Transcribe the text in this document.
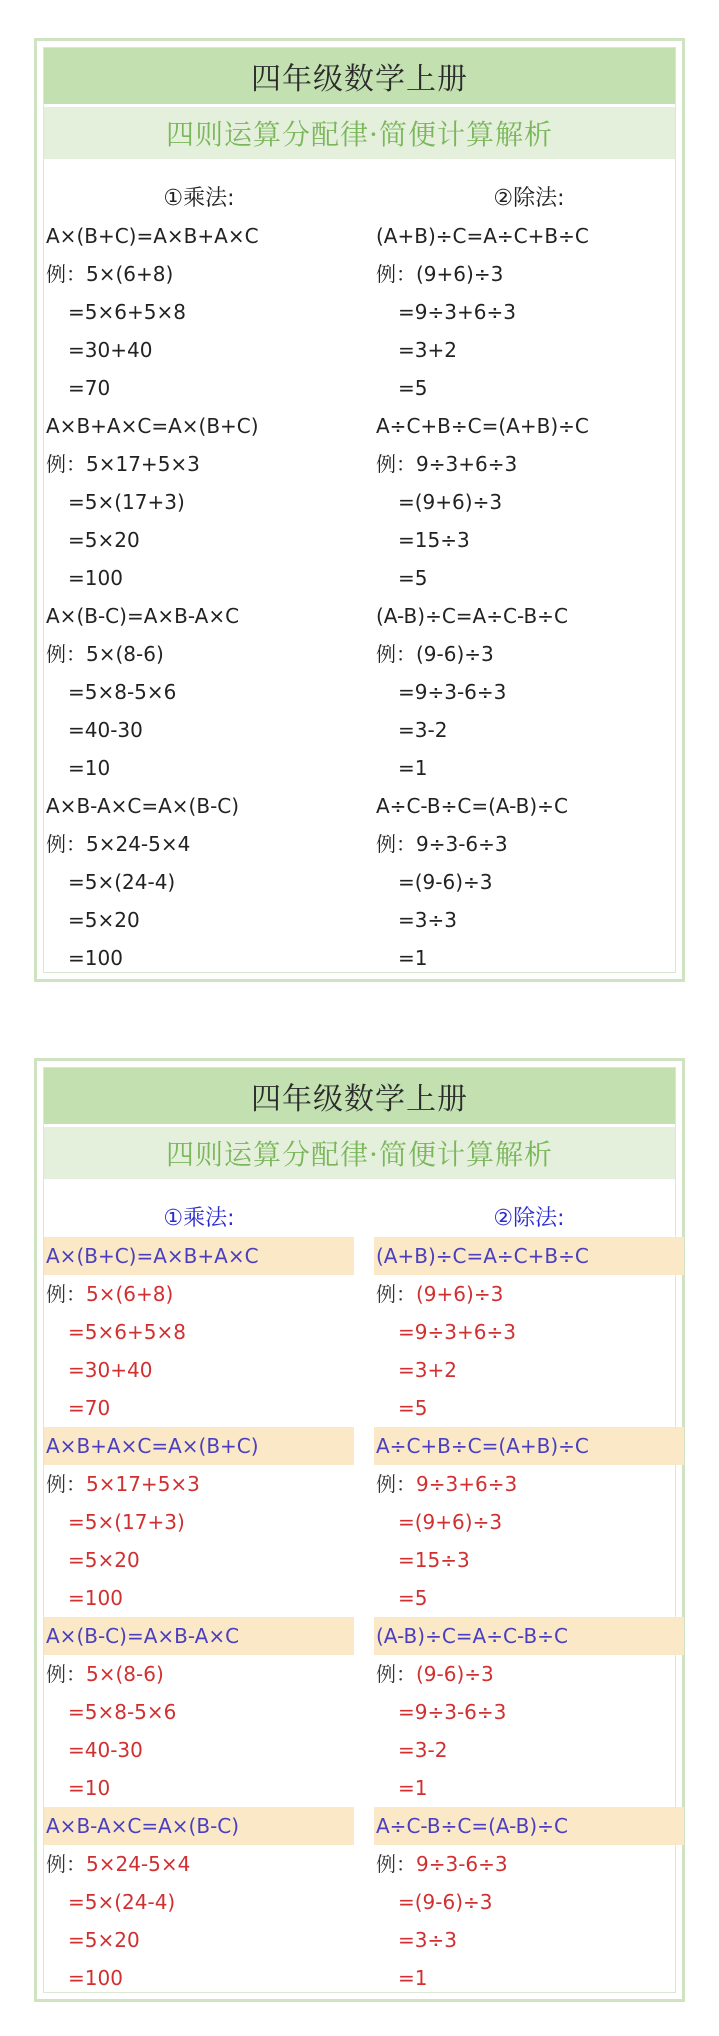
四年级数学上册
四则运算分配律·简便计算解析
①乘法:
A×(B+C)=A×B+A×C
例：5×(6+8)
=5×6+5×8
=30+40
=70
A×B+A×C=A×(B+C)
例：5×17+5×3
=5×(17+3)
=5×20
=100
A×(B-C)=A×B-A×C
例：5×(8-6)
=5×8-5×6
=40-30
=10
A×B-A×C=A×(B-C)
例：5×24-5×4
=5×(24-4)
=5×20
=100
②除法:
(A+B)÷C=A÷C+B÷C
例：(9+6)÷3
=9÷3+6÷3
=3+2
=5
A÷C+B÷C=(A+B)÷C
例：9÷3+6÷3
=(9+6)÷3
=15÷3
=5
(A-B)÷C=A÷C-B÷C
例：(9-6)÷3
=9÷3-6÷3
=3-2
=1
A÷C-B÷C=(A-B)÷C
例：9÷3-6÷3
=(9-6)÷3
=3÷3
=1
四年级数学上册
四则运算分配律·简便计算解析
①乘法:
A×(B+C)=A×B+A×C
例：5×(6+8)
=5×6+5×8
=30+40
=70
A×B+A×C=A×(B+C)
例：5×17+5×3
=5×(17+3)
=5×20
=100
A×(B-C)=A×B-A×C
例：5×(8-6)
=5×8-5×6
=40-30
=10
A×B-A×C=A×(B-C)
例：5×24-5×4
=5×(24-4)
=5×20
=100
②除法:
(A+B)÷C=A÷C+B÷C
例：(9+6)÷3
=9÷3+6÷3
=3+2
=5
A÷C+B÷C=(A+B)÷C
例：9÷3+6÷3
=(9+6)÷3
=15÷3
=5
(A-B)÷C=A÷C-B÷C
例：(9-6)÷3
=9÷3-6÷3
=3-2
=1
A÷C-B÷C=(A-B)÷C
例：9÷3-6÷3
=(9-6)÷3
=3÷3
=1
